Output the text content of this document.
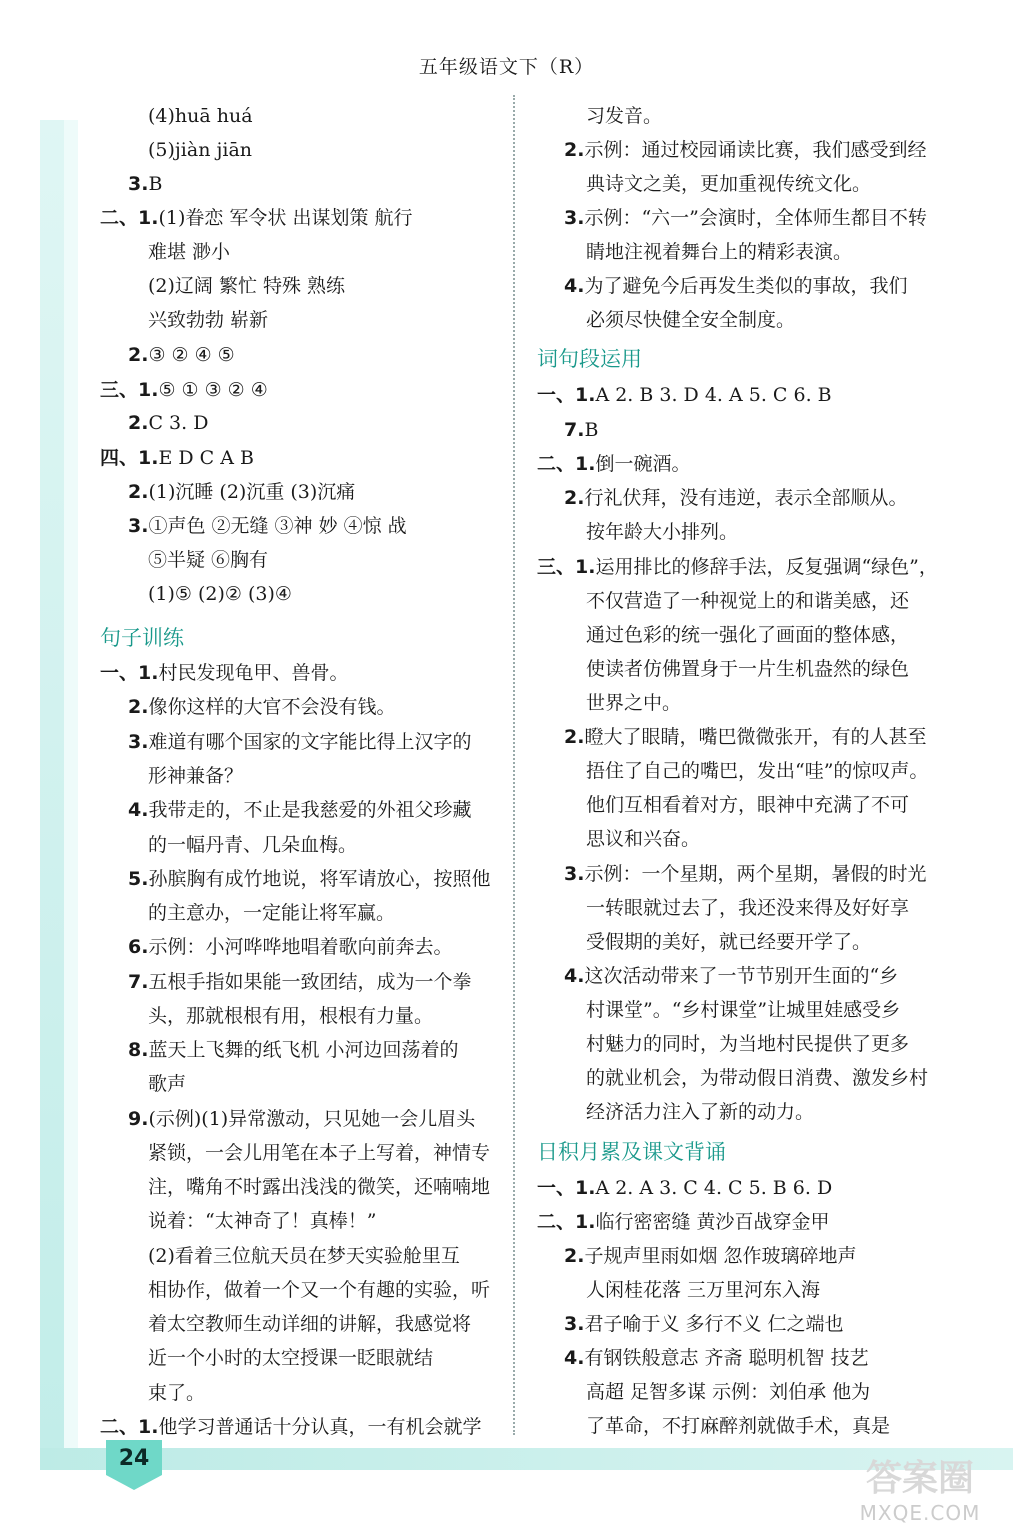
24
五年级语文下（R）
(4)huā huá
(5)jiàn jiān
3.B
二、1.(1)眷恋 军令状 出谋划策 航行
难堪 渺小
(2)辽阔 繁忙 特殊 熟练
兴致勃勃 崭新
2.③ ② ④ ⑤
三、1.⑤ ① ③ ② ④
2.C 3. D
四、1.E D C A B
2.(1)沉睡 (2)沉重 (3)沉痛
3.①声色 ②无缝 ③神 妙 ④惊 战
⑤半疑 ⑥胸有
(1)⑤ (2)② (3)④
一、1.村民发现龟甲、兽骨。
2.像你这样的大官不会没有钱。
3.难道有哪个国家的文字能比得上汉字的
形神兼备？
4.我带走的，不止是我慈爱的外祖父珍藏
的一幅丹青、几朵血梅。
5.孙膑胸有成竹地说，将军请放心，按照他
的主意办，一定能让将军赢。
6.示例：小河哗哗地唱着歌向前奔去。
7.五根手指如果能一致团结，成为一个拳
头，那就根根有用，根根有力量。
8.蓝天上飞舞的纸飞机 小河边回荡着的
歌声
9.(示例)(1)异常激动，只见她一会儿眉头
紧锁，一会儿用笔在本子上写着，神情专
注，嘴角不时露出浅浅的微笑，还喃喃地
说着：“太神奇了！真棒！”
(2)看着三位航天员在梦天实验舱里互
相协作，做着一个又一个有趣的实验，听
着太空教师生动详细的讲解，我感觉将
近一个小时的太空授课一眨眼就结
束了。
二、1.他学习普通话十分认真，一有机会就学
句子训练
习发音。
2.示例：通过校园诵读比赛，我们感受到经
典诗文之美，更加重视传统文化。
3.示例：“六一”会演时，全体师生都目不转
睛地注视着舞台上的精彩表演。
4.为了避免今后再发生类似的事故，我们
必须尽快健全安全制度。
一、1.A 2. B 3. D 4. A 5. C 6. B
7.B
二、1.倒一碗酒。
2.行礼伏拜，没有违逆，表示全部顺从。
按年龄大小排列。
三、1.运用排比的修辞手法，反复强调“绿色”，
不仅营造了一种视觉上的和谐美感，还
通过色彩的统一强化了画面的整体感，
使读者仿佛置身于一片生机盎然的绿色
世界之中。
2.瞪大了眼睛，嘴巴微微张开，有的人甚至
捂住了自己的嘴巴，发出“哇”的惊叹声。
他们互相看着对方，眼神中充满了不可
思议和兴奋。
3.示例：一个星期，两个星期，暑假的时光
一转眼就过去了，我还没来得及好好享
受假期的美好，就已经要开学了。
4.这次活动带来了一节节别开生面的“乡
村课堂”。“乡村课堂”让城里娃感受乡
村魅力的同时，为当地村民提供了更多
的就业机会，为带动假日消费、激发乡村
经济活力注入了新的动力。
一、1.A 2. A 3. C 4. C 5. B 6. D
二、1.临行密密缝 黄沙百战穿金甲
2.子规声里雨如烟 忽作玻璃碎地声
人闲桂花落 三万里河东入海
3.君子喻于义 多行不义 仁之端也
4.有钢铁般意志 齐斋 聪明机智 技艺
高超 足智多谋 示例：刘伯承 他为
了革命，不打麻醉剂就做手术，真是
词句段运用
日积月累及课文背诵
答案圈
MXQE.COM
